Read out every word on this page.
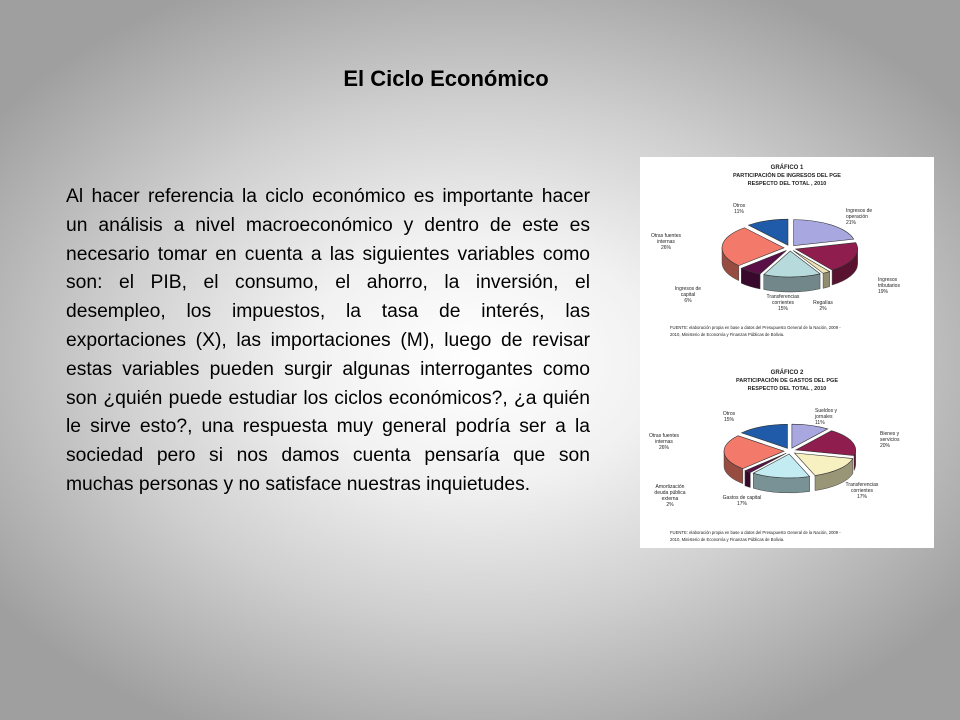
El Ciclo Económico
Al hacer referencia la ciclo económico es importante hacer un análisis a nivel macroeconómico y dentro de este es necesario tomar en cuenta a las siguientes variables como son: el PIB, el consumo, el ahorro, la inversión, el desempleo, los impuestos, la tasa de interés, las exportaciones (X), las importaciones (M), luego de revisar estas variables pueden surgir algunas interrogantes como son ¿quién puede estudiar los ciclos económicos?, ¿a quién le sirve esto?, una respuesta muy general podría ser a la sociedad pero si nos damos cuenta pensaría que son muchas personas y no satisface nuestras inquietudes.
GRÁFICO 1
PARTICIPACIÓN DE INGRESOS DEL PGE
RESPECTO DEL TOTAL , 2010
Ingresos de
operación
21%
Ingresos
tributarios
19%
Regalías
2%
Transferencias
corrientes
15%
Ingresos de
capital
6%
Otras fuentes
internas
26%
Otros
11%
FUENTE: elaboración propia en base a datos del Presupuesto General de la Nación, 2009 -
2010, Ministerio de Economía y Finanzas Públicas de Bolivia.
GRÁFICO 2
PARTICIPACIÓN DE GASTOS DEL PGE
RESPECTO DEL TOTAL , 2010
Sueldos y
jornales
11%
Bienes y
servicios
20%
Transferencias
corrientes
17%
Gastos de capital
17%
Amortización
deuda pública
externa
2%
Otras fuentes
internas
26%
Otros
15%
FUENTE: elaboración propia en base a datos del Presupuesto General de la Nación, 2009 -
2010, Ministerio de Economía y Finanzas Públicas de Bolivia.
